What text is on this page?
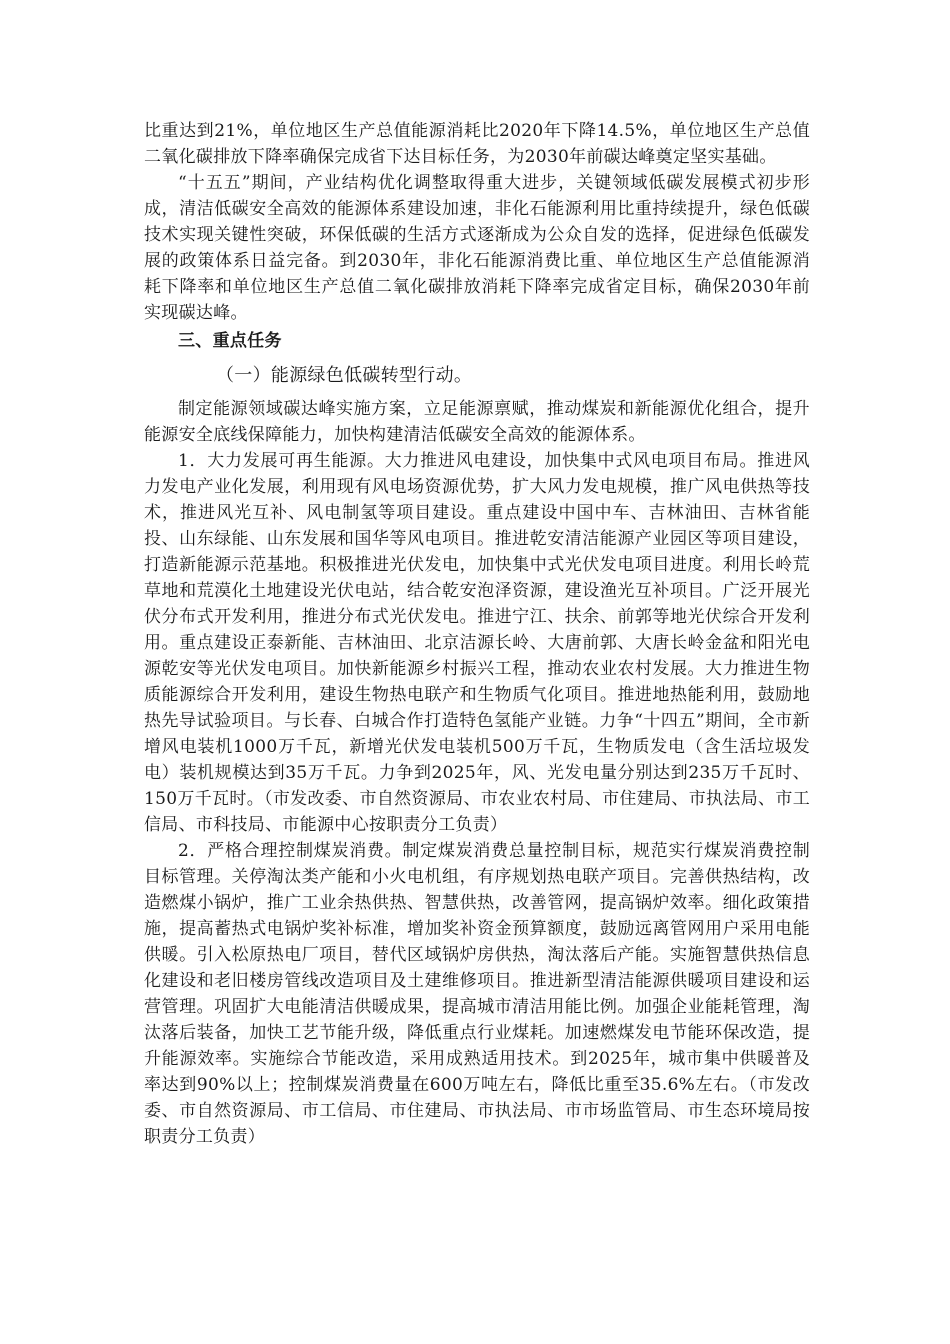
比重达到21%，单位地区生产总值能源消耗比2020年下降14.5%，单位地区生产总值二氧化碳排放下降率确保完成省下达目标任务，为2030年前碳达峰奠定坚实基础。

“十五五”期间，产业结构优化调整取得重大进步，关键领域低碳发展模式初步形成，清洁低碳安全高效的能源体系建设加速，非化石能源利用比重持续提升，绿色低碳技术实现关键性突破，环保低碳的生活方式逐渐成为公众自发的选择，促进绿色低碳发展的政策体系日益完备。到2030年，非化石能源消费比重、单位地区生产总值能源消耗下降率和单位地区生产总值二氧化碳排放消耗下降率完成省定目标，确保2030年前实现碳达峰。

三、重点任务

（一）能源绿色低碳转型行动。

制定能源领域碳达峰实施方案，立足能源禀赋，推动煤炭和新能源优化组合，提升能源安全底线保障能力，加快构建清洁低碳安全高效的能源体系。

1．大力发展可再生能源。大力推进风电建设，加快集中式风电项目布局。推进风力发电产业化发展，利用现有风电场资源优势，扩大风力发电规模，推广风电供热等技术，推进风光互补、风电制氢等项目建设。重点建设中国中车、吉林油田、吉林省能投、山东绿能、山东发展和国华等风电项目。推进乾安清洁能源产业园区等项目建设，打造新能源示范基地。积极推进光伏发电，加快集中式光伏发电项目进度。利用长岭荒草地和荒漠化土地建设光伏电站，结合乾安泡泽资源，建设渔光互补项目。广泛开展光伏分布式开发利用，推进分布式光伏发电。推进宁江、扶余、前郭等地光伏综合开发利用。重点建设正泰新能、吉林油田、北京洁源长岭、大唐前郭、大唐长岭金盆和阳光电源乾安等光伏发电项目。加快新能源乡村振兴工程，推动农业农村发展。大力推进生物质能源综合开发利用，建设生物热电联产和生物质气化项目。推进地热能利用，鼓励地热先导试验项目。与长春、白城合作打造特色氢能产业链。力争“十四五”期间，全市新增风电装机1000万千瓦，新增光伏发电装机500万千瓦，生物质发电（含生活垃圾发电）装机规模达到35万千瓦。力争到2025年，风、光发电量分别达到235万千瓦时、150万千瓦时。（市发改委、市自然资源局、市农业农村局、市住建局、市执法局、市工信局、市科技局、市能源中心按职责分工负责）

2．严格合理控制煤炭消费。制定煤炭消费总量控制目标，规范实行煤炭消费控制目标管理。关停淘汰类产能和小火电机组，有序规划热电联产项目。完善供热结构，改造燃煤小锅炉，推广工业余热供热、智慧供热，改善管网，提高锅炉效率。细化政策措施，提高蓄热式电锅炉奖补标准，增加奖补资金预算额度，鼓励远离管网用户采用电能供暖。引入松原热电厂项目，替代区域锅炉房供热，淘汰落后产能。实施智慧供热信息化建设和老旧楼房管线改造项目及土建维修项目。推进新型清洁能源供暖项目建设和运营管理。巩固扩大电能清洁供暖成果，提高城市清洁用能比例。加强企业能耗管理，淘汰落后装备，加快工艺节能升级，降低重点行业煤耗。加速燃煤发电节能环保改造，提升能源效率。实施综合节能改造，采用成熟适用技术。到2025年，城市集中供暖普及率达到90%以上；控制煤炭消费量在600万吨左右，降低比重至35.6%左右。（市发改委、市自然资源局、市工信局、市住建局、市执法局、市市场监管局、市生态环境局按职责分工负责）
